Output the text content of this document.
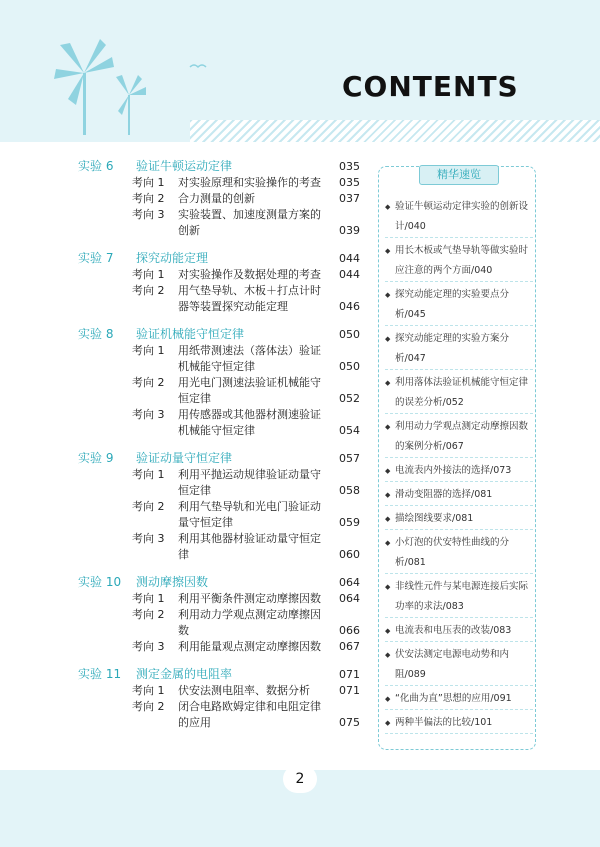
CONTENTS
实验 6	验证牛顿运动定律	035
考向 1	对实验原理和实验操作的考查	035
考向 2	合力测量的创新	037
考向 3	实验装置、加速度测量方案的创新	039
实验 7	探究动能定理	044
考向 1	对实验操作及数据处理的考查	044
考向 2	用气垫导轨、木板＋打点计时器等装置探究动能定理	046
实验 8	验证机械能守恒定律	050
考向 1	用纸带测速法（落体法）验证机械能守恒定律	050
考向 2	用光电门测速法验证机械能守恒定律	052
考向 3	用传感器或其他器材测速验证机械能守恒定律	054
实验 9	验证动量守恒定律	057
考向 1	利用平抛运动规律验证动量守恒定律	058
考向 2	利用气垫导轨和光电门验证动量守恒定律	059
考向 3	利用其他器材验证动量守恒定律	060
实验 10	测动摩擦因数	064
考向 1	利用平衡条件测定动摩擦因数	064
考向 2	利用动力学观点测定动摩擦因数	066
考向 3	利用能量观点测定动摩擦因数	067
实验 11	测定金属的电阻率	071
考向 1	伏安法测电阻率、数据分析	071
考向 2	闭合电路欧姆定律和电阻定律的应用	075
精华速览
◆ 验证牛顿运动定律实验的创新设计/040
◆ 用长木板或气垫导轨等做实验时应注意的两个方面/040
◆ 探究动能定理的实验要点分析/045
◆ 探究动能定理的实验方案分析/047
◆ 利用落体法验证机械能守恒定律的误差分析/052
◆ 利用动力学观点测定动摩擦因数的案例分析/067
◆ 电流表内外接法的选择/073
◆ 滑动变阻器的选择/081
◆ 描绘图线要求/081
◆ 小灯泡的伏安特性曲线的分析/081
◆ 非线性元件与某电源连接后实际功率的求法/083
◆ 电流表和电压表的改装/083
◆ 伏安法测定电源电动势和内阻/089
◆ “化曲为直”思想的应用/091
◆ 两种半偏法的比较/101
2
